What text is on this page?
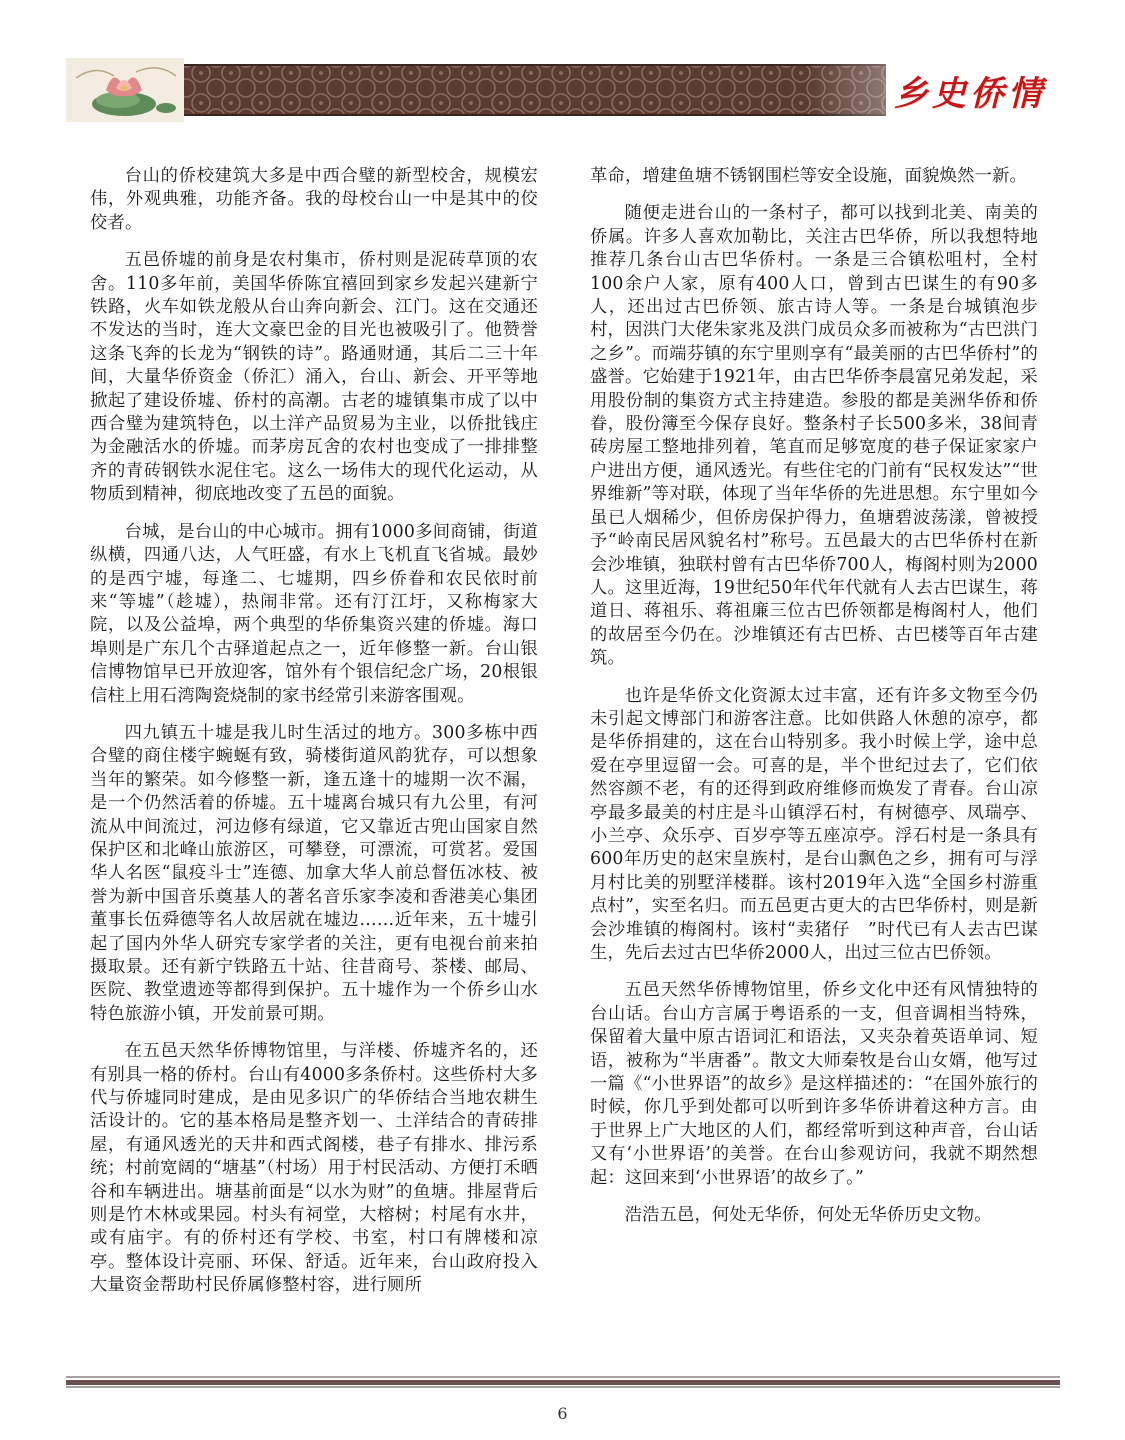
乡史侨情

台山的侨校建筑大多是中西合璧的新型校舍，规模宏伟，外观典雅，功能齐备。我的母校台山一中是其中的佼佼者。

五邑侨墟的前身是农村集市，侨村则是泥砖草顶的农舍。110多年前，美国华侨陈宜禧回到家乡发起兴建新宁铁路，火车如铁龙般从台山奔向新会、江门。这在交通还不发达的当时，连大文豪巴金的目光也被吸引了。他赞誉这条飞奔的长龙为“钢铁的诗”。路通财通，其后二三十年间，大量华侨资金（侨汇）涌入，台山、新会、开平等地掀起了建设侨墟、侨村的高潮。古老的墟镇集市成了以中西合璧为建筑特色，以土洋产品贸易为主业，以侨批钱庄为金融活水的侨墟。而茅房瓦舍的农村也变成了一排排整齐的青砖钢铁水泥住宅。这么一场伟大的现代化运动，从物质到精神，彻底地改变了五邑的面貌。

台城，是台山的中心城市。拥有1000多间商铺，街道纵横，四通八达，人气旺盛，有水上飞机直飞省城。最妙的是西宁墟，每逢二、七墟期，四乡侨眷和农民依时前来“等墟”（趁墟），热闹非常。还有汀江圩，又称梅家大院，以及公益埠，两个典型的华侨集资兴建的侨墟。海口埠则是广东几个古驿道起点之一，近年修整一新。台山银信博物馆早已开放迎客，馆外有个银信纪念广场，20根银信柱上用石湾陶瓷烧制的家书经常引来游客围观。

四九镇五十墟是我儿时生活过的地方。300多栋中西合璧的商住楼宇蜿蜒有致，骑楼街道风韵犹存，可以想象当年的繁荣。如今修整一新，逢五逢十的墟期一次不漏，是一个仍然活着的侨墟。五十墟离台城只有九公里，有河流从中间流过，河边修有绿道，它又靠近古兜山国家自然保护区和北峰山旅游区，可攀登，可漂流，可赏茗。爱国华人名医“鼠疫斗士”连德、加拿大华人前总督伍冰枝、被誉为新中国音乐奠基人的著名音乐家李凌和香港美心集团董事长伍舜德等名人故居就在墟边……近年来，五十墟引起了国内外华人研究专家学者的关注，更有电视台前来拍摄取景。还有新宁铁路五十站、往昔商号、茶楼、邮局、医院、教堂遗迹等都得到保护。五十墟作为一个侨乡山水特色旅游小镇，开发前景可期。

在五邑天然华侨博物馆里，与洋楼、侨墟齐名的，还有别具一格的侨村。台山有4000多条侨村。这些侨村大多代与侨墟同时建成，是由见多识广的华侨结合当地农耕生活设计的。它的基本格局是整齐划一、土洋结合的青砖排屋，有通风透光的天井和西式阁楼，巷子有排水、排污系统；村前宽阔的“塘基”（村场）用于村民活动、方便打禾晒谷和车辆进出。塘基前面是“以水为财”的鱼塘。排屋背后则是竹木林或果园。村头有祠堂，大榕树；村尾有水井，或有庙宇。有的侨村还有学校、书室，村口有牌楼和凉亭。整体设计亮丽、环保、舒适。近年来，台山政府投入大量资金帮助村民侨属修整村容，进行厕所

革命，增建鱼塘不锈钢围栏等安全设施，面貌焕然一新。

随便走进台山的一条村子，都可以找到北美、南美的侨属。许多人喜欢加勒比，关注古巴华侨，所以我想特地推荐几条台山古巴华侨村。一条是三合镇松咀村，全村100余户人家，原有400人口，曾到古巴谋生的有90多人，还出过古巴侨领、旅古诗人等。一条是台城镇泡步村，因洪门大佬朱家兆及洪门成员众多而被称为“古巴洪门之乡”。而端芬镇的东宁里则享有“最美丽的古巴华侨村”的盛誉。它始建于1921年，由古巴华侨李晨富兄弟发起，采用股份制的集资方式主持建造。参股的都是美洲华侨和侨眷，股份簿至今保存良好。整条村子长500多米，38间青砖房屋工整地排列着，笔直而足够宽度的巷子保证家家户户进出方便，通风透光。有些住宅的门前有“民权发达”“世界维新”等对联，体现了当年华侨的先进思想。东宁里如今虽已人烟稀少，但侨房保护得力，鱼塘碧波荡漾，曾被授予“岭南民居风貌名村”称号。五邑最大的古巴华侨村在新会沙堆镇，独联村曾有古巴华侨700人，梅阁村则为2000人。这里近海，19世纪50年代年代就有人去古巴谋生，蒋道日、蒋祖乐、蒋祖廉三位古巴侨领都是梅阁村人，他们的故居至今仍在。沙堆镇还有古巴桥、古巴楼等百年古建筑。

也许是华侨文化资源太过丰富，还有许多文物至今仍未引起文博部门和游客注意。比如供路人休憩的凉亭，都是华侨捐建的，这在台山特别多。我小时候上学，途中总爱在亭里逗留一会。可喜的是，半个世纪过去了，它们依然容颜不老，有的还得到政府维修而焕发了青春。台山凉亭最多最美的村庄是斗山镇浮石村，有树德亭、凤瑞亭、小兰亭、众乐亭、百岁亭等五座凉亭。浮石村是一条具有600年历史的赵宋皇族村，是台山飘色之乡，拥有可与浮月村比美的别墅洋楼群。该村2019年入选“全国乡村游重点村”，实至名归。而五邑更古更大的古巴华侨村，则是新会沙堆镇的梅阁村。该村“卖猪仔　”时代已有人去古巴谋生，先后去过古巴华侨2000人，出过三位古巴侨领。

五邑天然华侨博物馆里，侨乡文化中还有风情独特的台山话。台山方言属于粤语系的一支，但音调相当特殊，保留着大量中原古语词汇和语法，又夹杂着英语单词、短语，被称为“半唐番”。散文大师秦牧是台山女婿，他写过一篇《“小世界语”的故乡》是这样描述的：“在国外旅行的时候，你几乎到处都可以听到许多华侨讲着这种方言。由于世界上广大地区的人们，都经常听到这种声音，台山话又有‘小世界语’的美誉。在台山参观访问，我就不期然想起：这回来到‘小世界语’的故乡了。”

浩浩五邑，何处无华侨，何处无华侨历史文物。

6
